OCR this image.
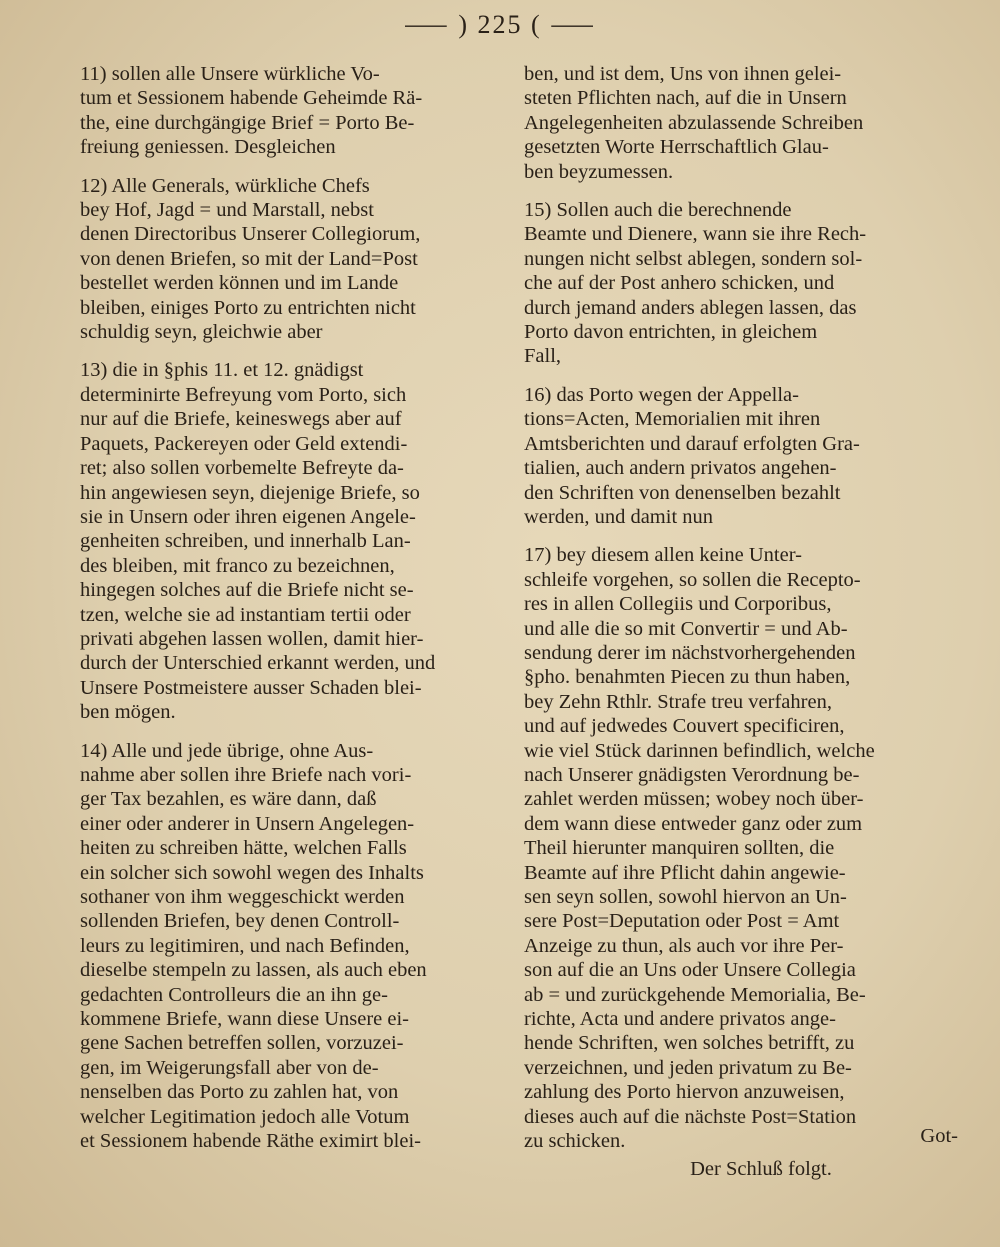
⸺ ) 225 ( ⸺
11) sollen alle Unsere würkliche Vo-
tum et Sessionem habende Geheimde Rä-
the, eine durchgängige Brief = Porto Be-
freiung geniessen. Desgleichen
12) Alle Generals, würkliche Chefs
bey Hof, Jagd = und Marstall, nebst
denen Directoribus Unserer Collegiorum,
von denen Briefen, so mit der Land=Post
bestellet werden können und im Lande
bleiben, einiges Porto zu entrichten nicht
schuldig seyn, gleichwie aber
13) die in §phis 11. et 12. gnädigst
determinirte Befreyung vom Porto, sich
nur auf die Briefe, keineswegs aber auf
Paquets, Packereyen oder Geld extendi-
ret; also sollen vorbemelte Befreyte da-
hin angewiesen seyn, diejenige Briefe, so
sie in Unsern oder ihren eigenen Angele-
genheiten schreiben, und innerhalb Lan-
des bleiben, mit franco zu bezeichnen,
hingegen solches auf die Briefe nicht se-
tzen, welche sie ad instantiam tertii oder
privati abgehen lassen wollen, damit hier-
durch der Unterschied erkannt werden, und
Unsere Postmeistere ausser Schaden blei-
ben mögen.
14) Alle und jede übrige, ohne Aus-
nahme aber sollen ihre Briefe nach vori-
ger Tax bezahlen, es wäre dann, daß
einer oder anderer in Unsern Angelegen-
heiten zu schreiben hätte, welchen Falls
ein solcher sich sowohl wegen des Inhalts
sothaner von ihm weggeschickt werden
sollenden Briefen, bey denen Controll-
leurs zu legitimiren, und nach Befinden,
dieselbe stempeln zu lassen, als auch eben
gedachten Controlleurs die an ihn ge-
kommene Briefe, wann diese Unsere ei-
gene Sachen betreffen sollen, vorzuzei-
gen, im Weigerungsfall aber von de-
nenselben das Porto zu zahlen hat, von
welcher Legitimation jedoch alle Votum
et Sessionem habende Räthe eximirt blei-
ben, und ist dem, Uns von ihnen gelei-
steten Pflichten nach, auf die in Unsern
Angelegenheiten abzulassende Schreiben
gesetzten Worte Herrschaftlich Glau-
ben beyzumessen.
15) Sollen auch die berechnende
Beamte und Dienere, wann sie ihre Rech-
nungen nicht selbst ablegen, sondern sol-
che auf der Post anhero schicken, und
durch jemand anders ablegen lassen, das
Porto davon entrichten, in gleichem
Fall,
16) das Porto wegen der Appella-
tions=Acten, Memorialien mit ihren
Amtsberichten und darauf erfolgten Gra-
tialien, auch andern privatos angehen-
den Schriften von denenselben bezahlt
werden, und damit nun
17) bey diesem allen keine Unter-
schleife vorgehen, so sollen die Recepto-
res in allen Collegiis und Corporibus,
und alle die so mit Convertir = und Ab-
sendung derer im nächstvorhergehenden
§pho. benahmten Piecen zu thun haben,
bey Zehn Rthlr. Strafe treu verfahren,
und auf jedwedes Couvert specificiren,
wie viel Stück darinnen befindlich, welche
nach Unserer gnädigsten Verordnung be-
zahlet werden müssen; wobey noch über-
dem wann diese entweder ganz oder zum
Theil hierunter manquiren sollten, die
Beamte auf ihre Pflicht dahin angewie-
sen seyn sollen, sowohl hiervon an Un-
sere Post=Deputation oder Post = Amt
Anzeige zu thun, als auch vor ihre Per-
son auf die an Uns oder Unsere Collegia
ab = und zurückgehende Memorialia, Be-
richte, Acta und andere privatos ange-
hende Schriften, wen solches betrifft, zu
verzeichnen, und jeden privatum zu Be-
zahlung des Porto hiervon anzuweisen,
dieses auch auf die nächste Post=Station
zu schicken.
Der Schluß folgt.
Got-
